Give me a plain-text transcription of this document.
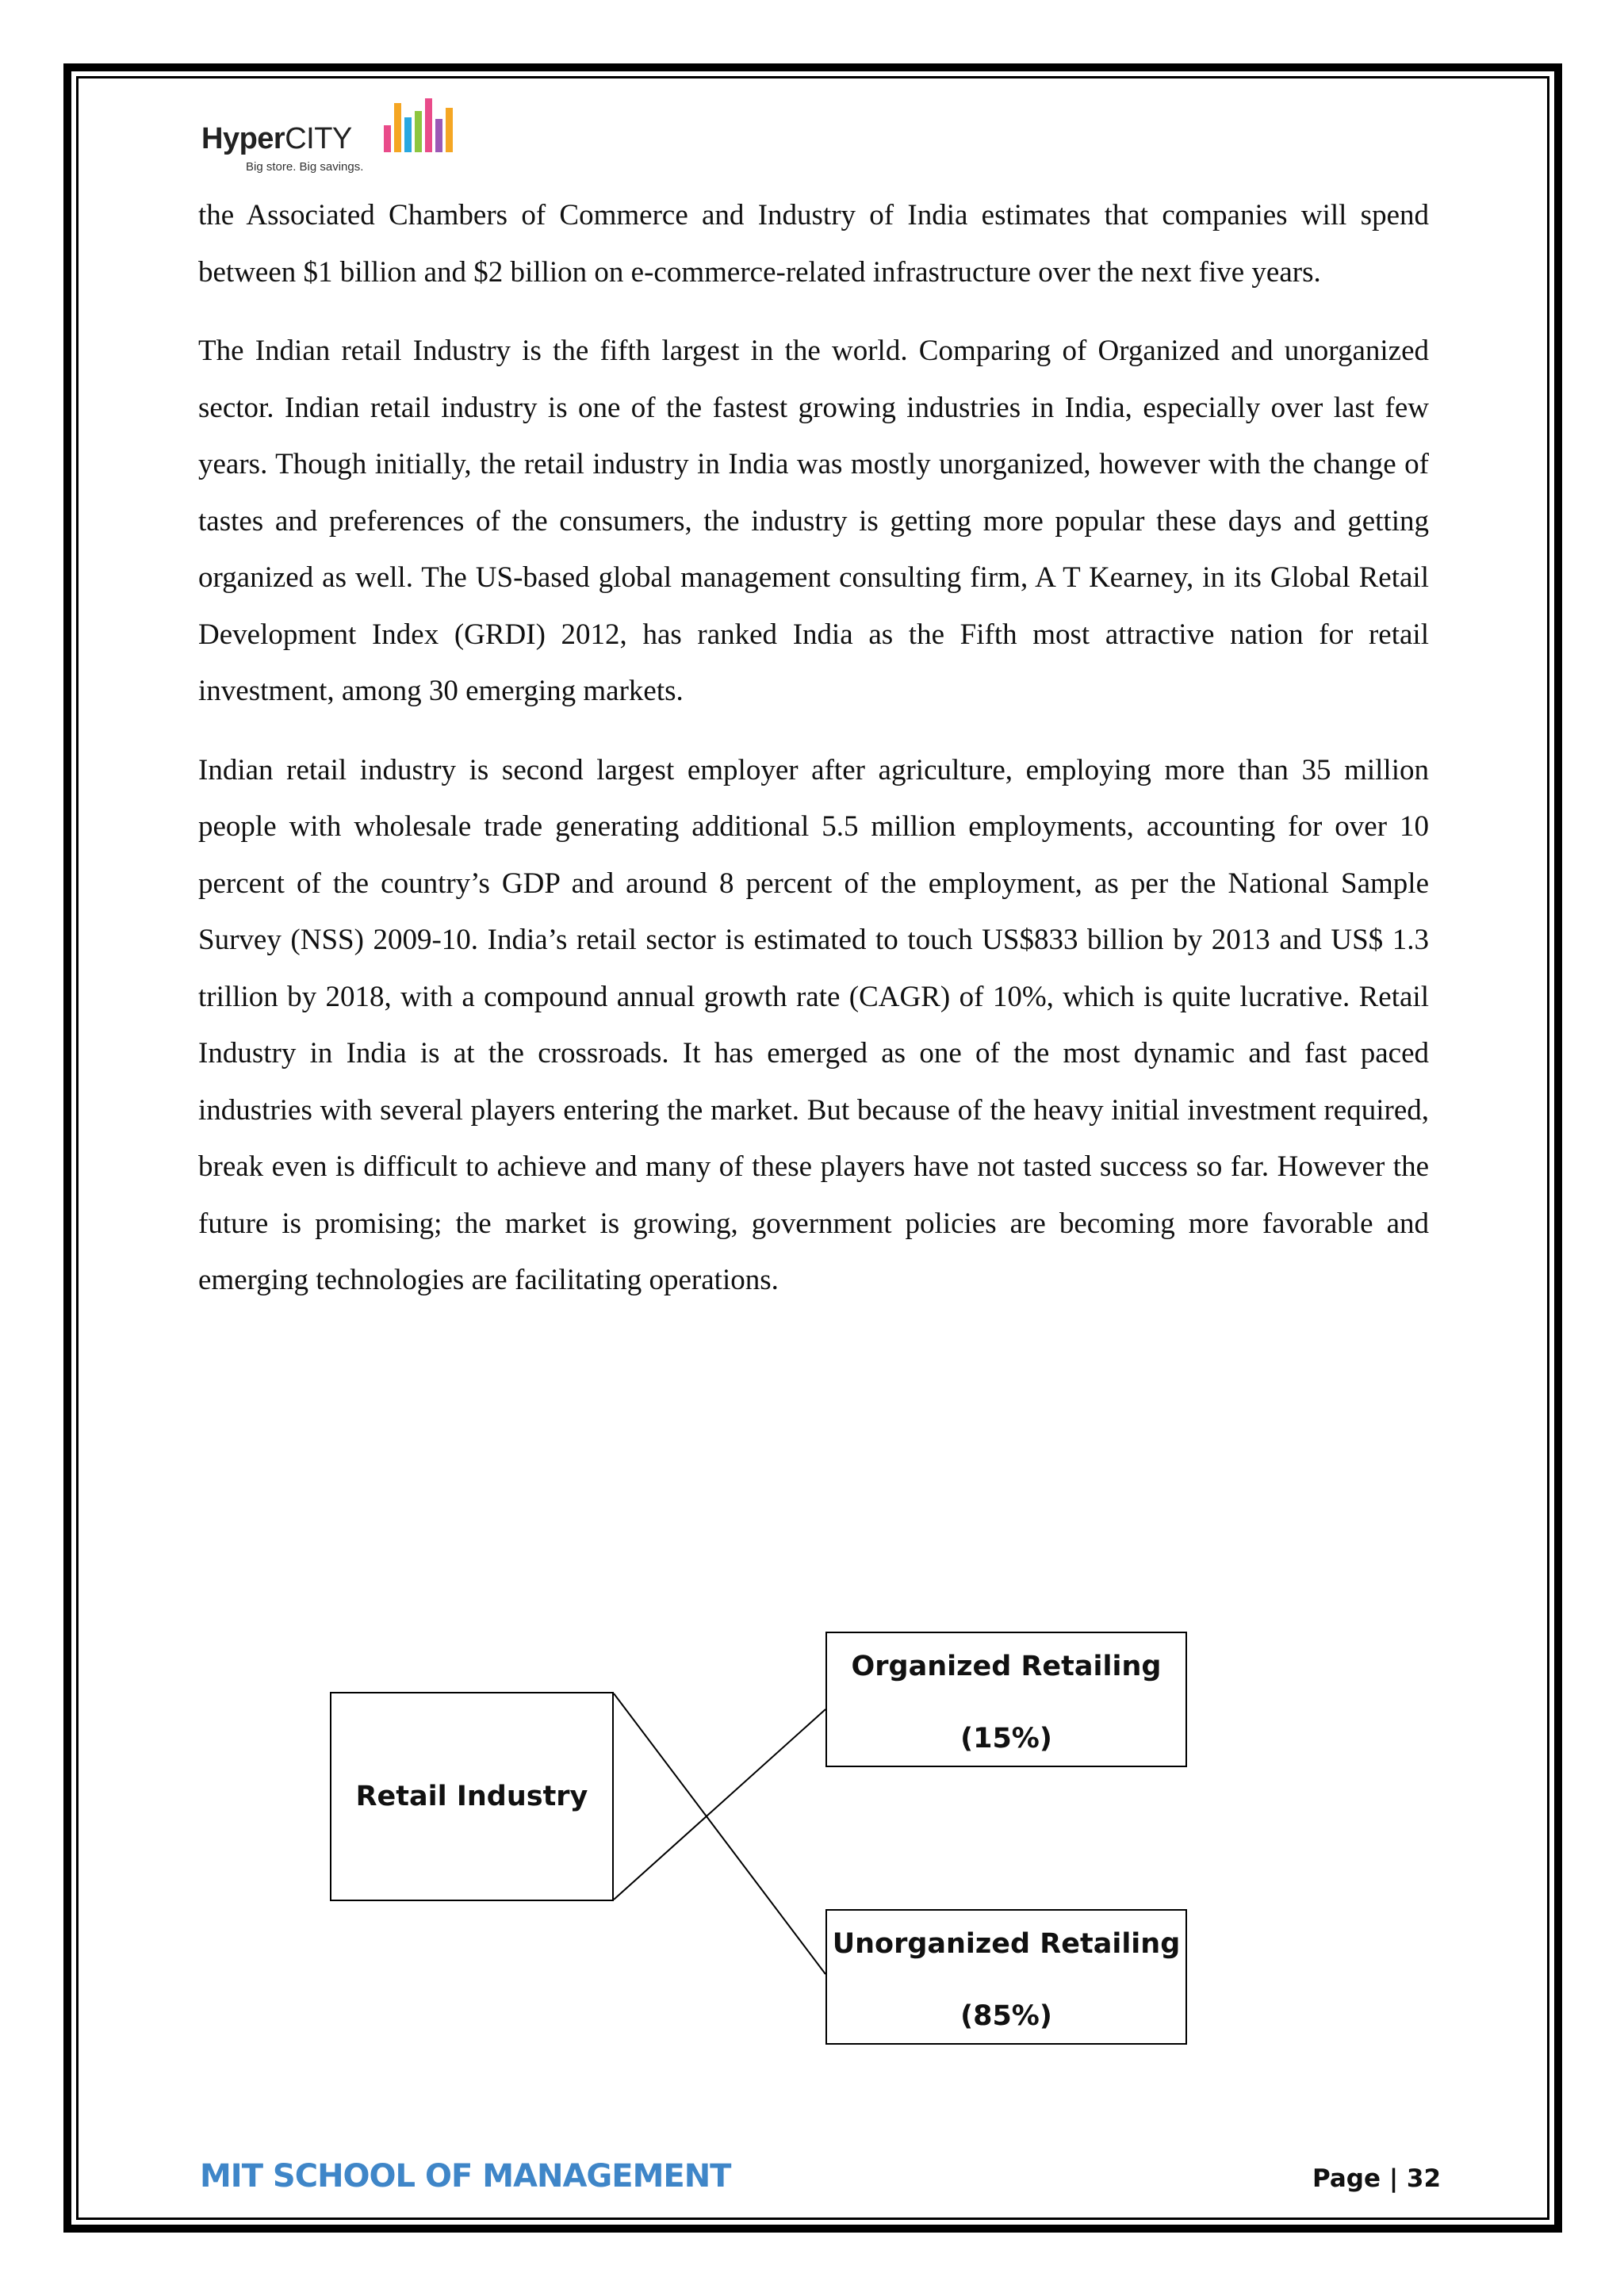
HyperCITY
Big store. Big savings.

the Associated Chambers of Commerce and Industry of India estimates that companies will spend between $1 billion and $2 billion on e-commerce-related infrastructure over the next five years.

The Indian retail Industry is the fifth largest in the world. Comparing of Organized and unorganized sector. Indian retail industry is one of the fastest growing industries in India, especially over last few years. Though initially, the retail industry in India was mostly unorganized, however with the change of tastes and preferences of the consumers, the industry is getting more popular these days and getting organized as well. The US-based global management consulting firm, A T Kearney, in its Global Retail Development Index (GRDI) 2012, has ranked India as the Fifth most attractive nation for retail investment, among 30 emerging markets.

Indian retail industry is second largest employer after agriculture, employing more than 35 million people with wholesale trade generating additional 5.5 million employments, accounting for over 10 percent of the country’s GDP and around 8 percent of the employment, as per the National Sample Survey (NSS) 2009-10. India’s retail sector is estimated to touch US$833 billion by 2013 and US$ 1.3 trillion by 2018, with a compound annual growth rate (CAGR) of 10%, which is quite lucrative. Retail Industry in India is at the crossroads. It has emerged as one of the most dynamic and fast paced industries with several players entering the market. But because of the heavy initial investment required, break even is difficult to achieve and many of these players have not tasted success so far. However the future is promising; the market is growing, government policies are becoming more favorable and emerging technologies are facilitating operations.

Retail Industry
Organized Retailing
(15%)
Unorganized Retailing
(85%)
MIT SCHOOL OF MANAGEMENT	Page | 32
